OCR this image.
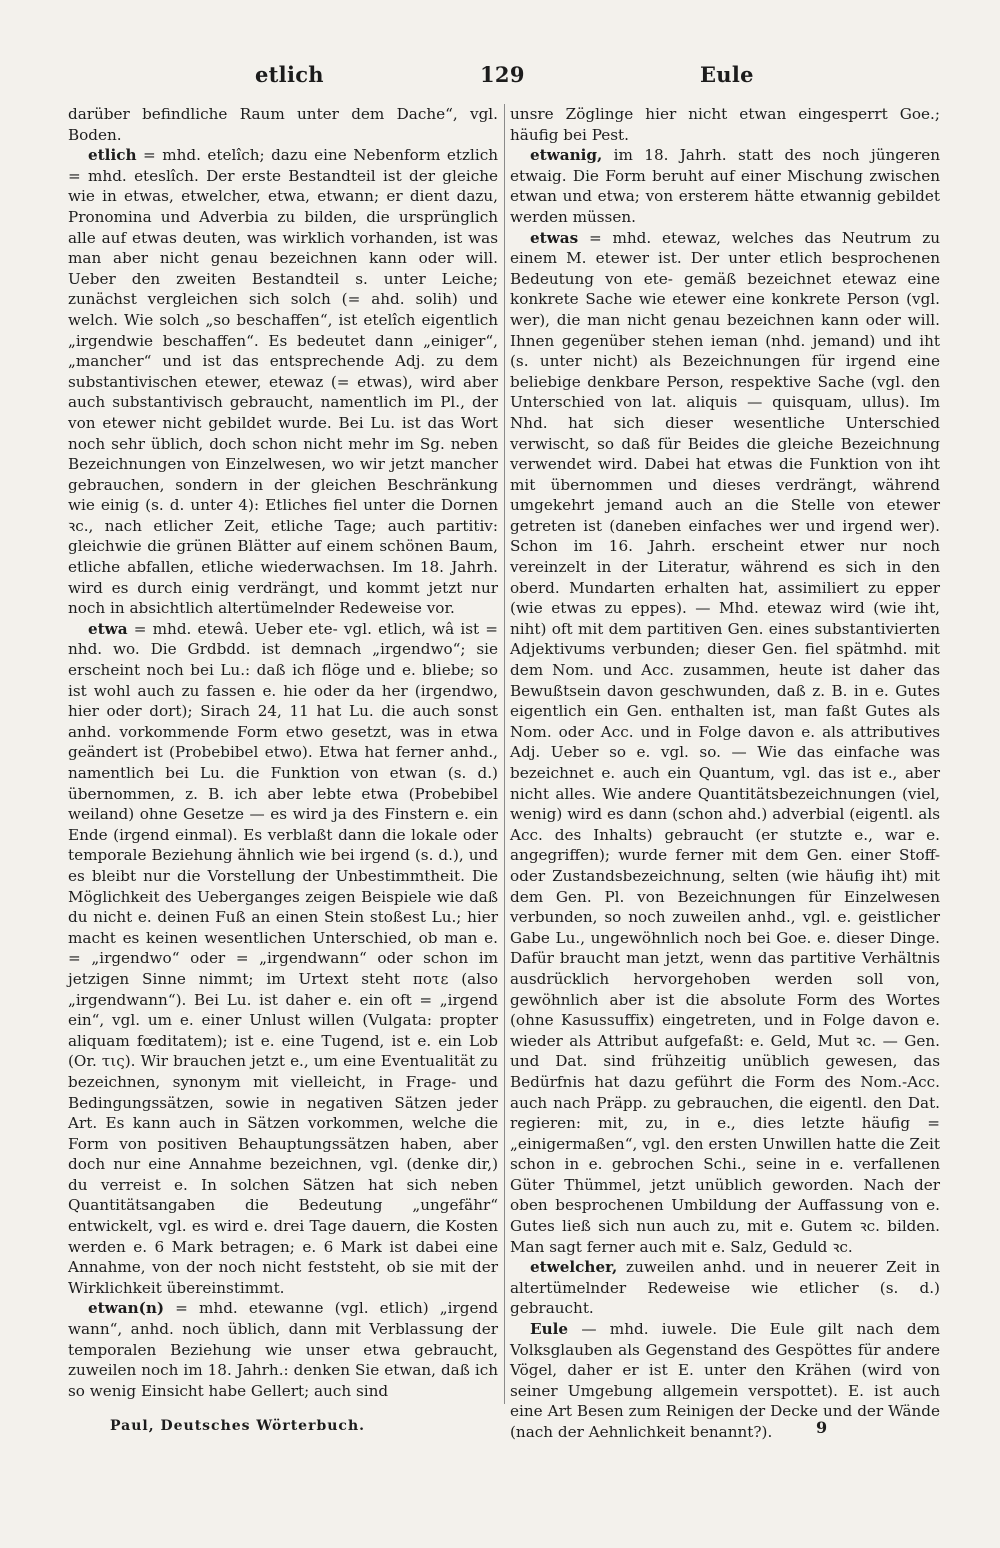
etlich	129	Eule

darüber befindliche Raum unter dem Dache“, vgl. Boden.

etlich = mhd. etelîch; dazu eine Nebenform etzlich = mhd. eteslîch. Der erste Bestandteil ist der gleiche wie in etwas, etwelcher, etwa, etwann; er dient dazu, Pronomina und Adverbia zu bilden, die ursprünglich alle auf etwas deuten, was wirklich vorhanden, ist was man aber nicht genau bezeichnen kann oder will. Ueber den zweiten Bestandteil s. unter Leiche; zunächst vergleichen sich solch (= ahd. solih) und welch. Wie solch „so beschaffen“, ist etelîch eigentlich „irgendwie beschaffen“. Es bedeutet dann „einiger“, „mancher“ und ist das entsprechende Adj. zu dem substantivischen etewer, etewaz (= etwas), wird aber auch substantivisch gebraucht, namentlich im Pl., der von etewer nicht gebildet wurde. Bei Lu. ist das Wort noch sehr üblich, doch schon nicht mehr im Sg. neben Bezeichnungen von Einzelwesen, wo wir jetzt mancher gebrauchen, sondern in der gleichen Beschränkung wie einig (s. d. unter 4): Etliches fiel unter die Dornen ꝛc., nach etlicher Zeit, etliche Tage; auch partitiv: gleichwie die grünen Blätter auf einem schönen Baum, etliche abfallen, etliche wiederwachsen. Im 18. Jahrh. wird es durch einig verdrängt, und kommt jetzt nur noch in absichtlich altertümelnder Redeweise vor.

etwa = mhd. etewâ. Ueber ete- vgl. etlich, wâ ist = nhd. wo. Die Grdbdd. ist demnach „irgendwo“; sie erscheint noch bei Lu.: daß ich flöge und e. bliebe; so ist wohl auch zu fassen e. hie oder da her (irgendwo, hier oder dort); Sirach 24, 11 hat Lu. die auch sonst anhd. vorkommende Form etwo gesetzt, was in etwa geändert ist (Probebibel etwo). Etwa hat ferner anhd., namentlich bei Lu. die Funktion von etwan (s. d.) übernommen, z. B. ich aber lebte etwa (Probebibel weiland) ohne Gesetze — es wird ja des Finstern e. ein Ende (irgend einmal). Es verblaßt dann die lokale oder temporale Beziehung ähnlich wie bei irgend (s. d.), und es bleibt nur die Vorstellung der Unbestimmtheit. Die Möglichkeit des Ueberganges zeigen Beispiele wie daß du nicht e. deinen Fuß an einen Stein stoßest Lu.; hier macht es keinen wesentlichen Unterschied, ob man e. = „irgendwo“ oder = „irgendwann“ oder schon im jetzigen Sinne nimmt; im Urtext steht ποτε (also „irgendwann“). Bei Lu. ist daher e. ein oft = „irgend ein“, vgl. um e. einer Unlust willen (Vulgata: propter aliquam fœditatem); ist e. eine Tugend, ist e. ein Lob (Or. τις). Wir brauchen jetzt e., um eine Eventualität zu bezeichnen, synonym mit vielleicht, in Frage- und Bedingungssätzen, sowie in negativen Sätzen jeder Art. Es kann auch in Sätzen vorkommen, welche die Form von positiven Behauptungssätzen haben, aber doch nur eine Annahme bezeichnen, vgl. (denke dir,) du verreist e. In solchen Sätzen hat sich neben Quantitätsangaben die Bedeutung „ungefähr“ entwickelt, vgl. es wird e. drei Tage dauern, die Kosten werden e. 6 Mark betragen; e. 6 Mark ist dabei eine Annahme, von der noch nicht feststeht, ob sie mit der Wirklichkeit übereinstimmt.

etwan(n) = mhd. etewanne (vgl. etlich) „irgend wann“, anhd. noch üblich, dann mit Verblassung der temporalen Beziehung wie unser etwa gebraucht, zuweilen noch im 18. Jahrh.: denken Sie etwan, daß ich so wenig Einsicht habe Gellert; auch sind

unsre Zöglinge hier nicht etwan eingesperrt Goe.; häufig bei Pest.

etwanig, im 18. Jahrh. statt des noch jüngeren etwaig. Die Form beruht auf einer Mischung zwischen etwan und etwa; von ersterem hätte etwannig gebildet werden müssen.

etwas = mhd. etewaz, welches das Neutrum zu einem M. etewer ist. Der unter etlich besprochenen Bedeutung von ete- gemäß bezeichnet etewaz eine konkrete Sache wie etewer eine konkrete Person (vgl. wer), die man nicht genau bezeichnen kann oder will. Ihnen gegenüber stehen ieman (nhd. jemand) und iht (s. unter nicht) als Bezeichnungen für irgend eine beliebige denkbare Person, respektive Sache (vgl. den Unterschied von lat. aliquis — quisquam, ullus). Im Nhd. hat sich dieser wesentliche Unterschied verwischt, so daß für Beides die gleiche Bezeichnung verwendet wird. Dabei hat etwas die Funktion von iht mit übernommen und dieses verdrängt, während umgekehrt jemand auch an die Stelle von etewer getreten ist (daneben einfaches wer und irgend wer). Schon im 16. Jahrh. erscheint etwer nur noch vereinzelt in der Literatur, während es sich in den oberd. Mundarten erhalten hat, assimiliert zu epper (wie etwas zu eppes). — Mhd. etewaz wird (wie iht, niht) oft mit dem partitiven Gen. eines substantivierten Adjektivums verbunden; dieser Gen. fiel spätmhd. mit dem Nom. und Acc. zusammen, heute ist daher das Bewußtsein davon geschwunden, daß z. B. in e. Gutes eigentlich ein Gen. enthalten ist, man faßt Gutes als Nom. oder Acc. und in Folge davon e. als attributives Adj. Ueber so e. vgl. so. — Wie das einfache was bezeichnet e. auch ein Quantum, vgl. das ist e., aber nicht alles. Wie andere Quantitätsbezeichnungen (viel, wenig) wird es dann (schon ahd.) adverbial (eigentl. als Acc. des Inhalts) gebraucht (er stutzte e., war e. angegriffen); wurde ferner mit dem Gen. einer Stoff- oder Zustandsbezeichnung, selten (wie häufig iht) mit dem Gen. Pl. von Bezeichnungen für Einzelwesen verbunden, so noch zuweilen anhd., vgl. e. geistlicher Gabe Lu., ungewöhnlich noch bei Goe. e. dieser Dinge. Dafür braucht man jetzt, wenn das partitive Verhältnis ausdrücklich hervorgehoben werden soll von, gewöhnlich aber ist die absolute Form des Wortes (ohne Kasussuffix) eingetreten, und in Folge davon e. wieder als Attribut aufgefaßt: e. Geld, Mut ꝛc. — Gen. und Dat. sind frühzeitig unüblich gewesen, das Bedürfnis hat dazu geführt die Form des Nom.-Acc. auch nach Präpp. zu gebrauchen, die eigentl. den Dat. regieren: mit, zu, in e., dies letzte häufig = „einigermaßen“, vgl. den ersten Unwillen hatte die Zeit schon in e. gebrochen Schi., seine in e. verfallenen Güter Thümmel, jetzt unüblich geworden. Nach der oben besprochenen Umbildung der Auffassung von e. Gutes ließ sich nun auch zu, mit e. Gutem ꝛc. bilden. Man sagt ferner auch mit e. Salz, Geduld ꝛc.

etwelcher, zuweilen anhd. und in neuerer Zeit in altertümelnder Redeweise wie etlicher (s. d.) gebraucht.

Eule — mhd. iuwele. Die Eule gilt nach dem Volksglauben als Gegenstand des Gespöttes für andere Vögel, daher er ist E. unter den Krähen (wird von seiner Umgebung allgemein verspottet). E. ist auch eine Art Besen zum Reinigen der Decke und der Wände (nach der Aehnlichkeit benannt?).

Paul, Deutsches Wörterbuch.	9
